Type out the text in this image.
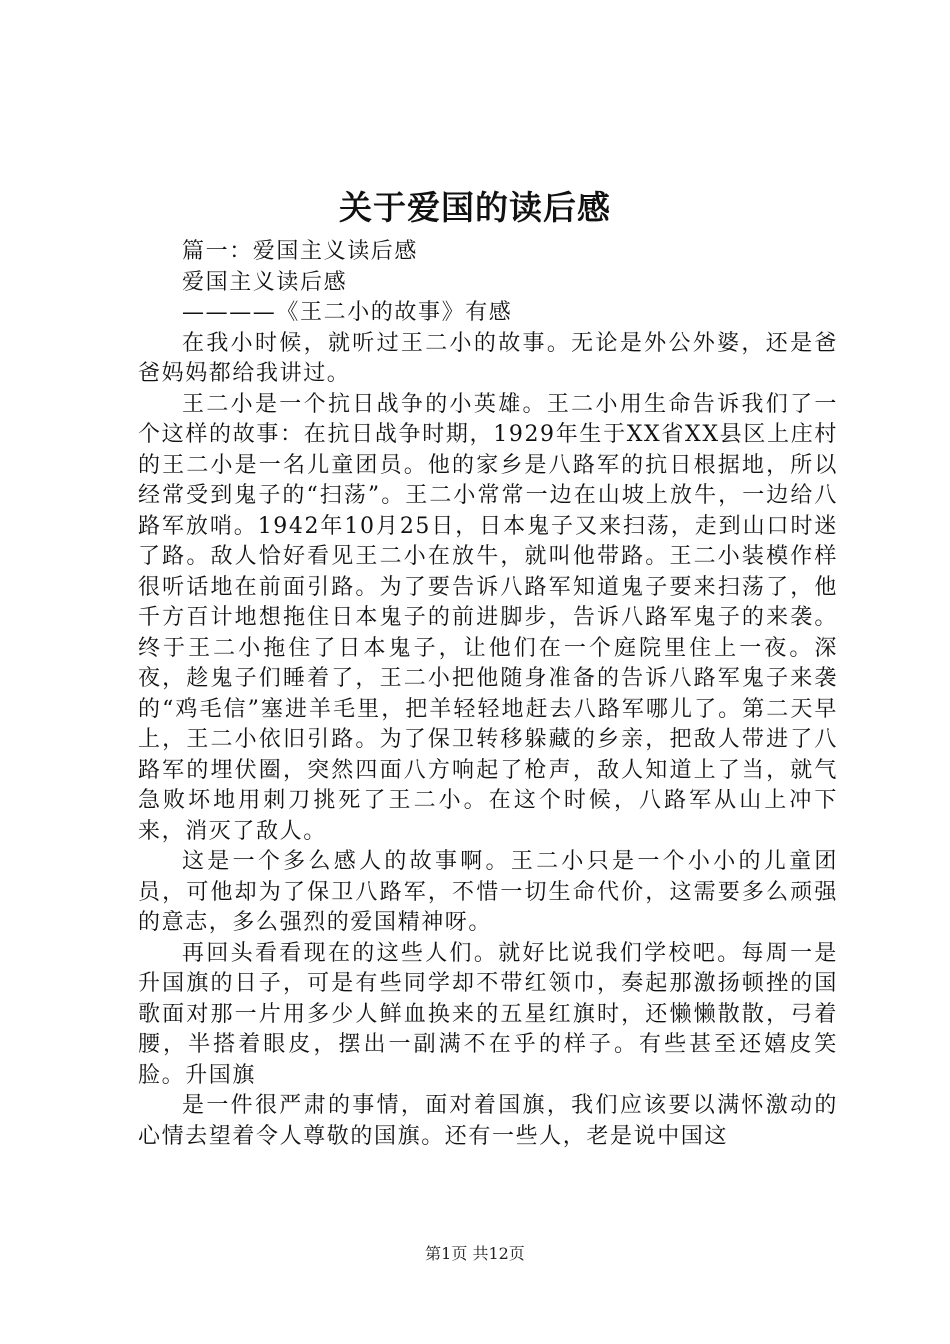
关于爱国的读后感

篇一：爱国主义读后感

爱国主义读后感

————《王二小的故事》有感

在我小时候，就听过王二小的故事。无论是外公外婆，还是爸爸妈妈都给我讲过。

王二小是一个抗日战争的小英雄。王二小用生命告诉我们了一个这样的故事：在抗日战争时期，1929年生于XX省XX县区上庄村的王二小是一名儿童团员。他的家乡是八路军的抗日根据地，所以经常受到鬼子的“扫荡”。王二小常常一边在山坡上放牛，一边给八路军放哨。1942年10月25日，日本鬼子又来扫荡，走到山口时迷了路。敌人恰好看见王二小在放牛，就叫他带路。王二小装模作样很听话地在前面引路。为了要告诉八路军知道鬼子要来扫荡了，他千方百计地想拖住日本鬼子的前进脚步，告诉八路军鬼子的来袭。终于王二小拖住了日本鬼子，让他们在一个庭院里住上一夜。深夜，趁鬼子们睡着了，王二小把他随身准备的告诉八路军鬼子来袭的“鸡毛信”塞进羊毛里，把羊轻轻地赶去八路军哪儿了。第二天早上，王二小依旧引路。为了保卫转移躲藏的乡亲，把敌人带进了八路军的埋伏圈，突然四面八方响起了枪声，敌人知道上了当，就气急败坏地用刺刀挑死了王二小。在这个时候，八路军从山上冲下来，消灭了敌人。

这是一个多么感人的故事啊。王二小只是一个小小的儿童团员，可他却为了保卫八路军，不惜一切生命代价，这需要多么顽强的意志，多么强烈的爱国精神呀。

再回头看看现在的这些人们。就好比说我们学校吧。每周一是升国旗的日子，可是有些同学却不带红领巾，奏起那激扬顿挫的国歌面对那一片用多少人鲜血换来的五星红旗时，还懒懒散散，弓着腰，半搭着眼皮，摆出一副满不在乎的样子。有些甚至还嬉皮笑脸。升国旗

是一件很严肃的事情，面对着国旗，我们应该要以满怀激动的心情去望着令人尊敬的国旗。还有一些人，老是说中国这

第1页 共12页
